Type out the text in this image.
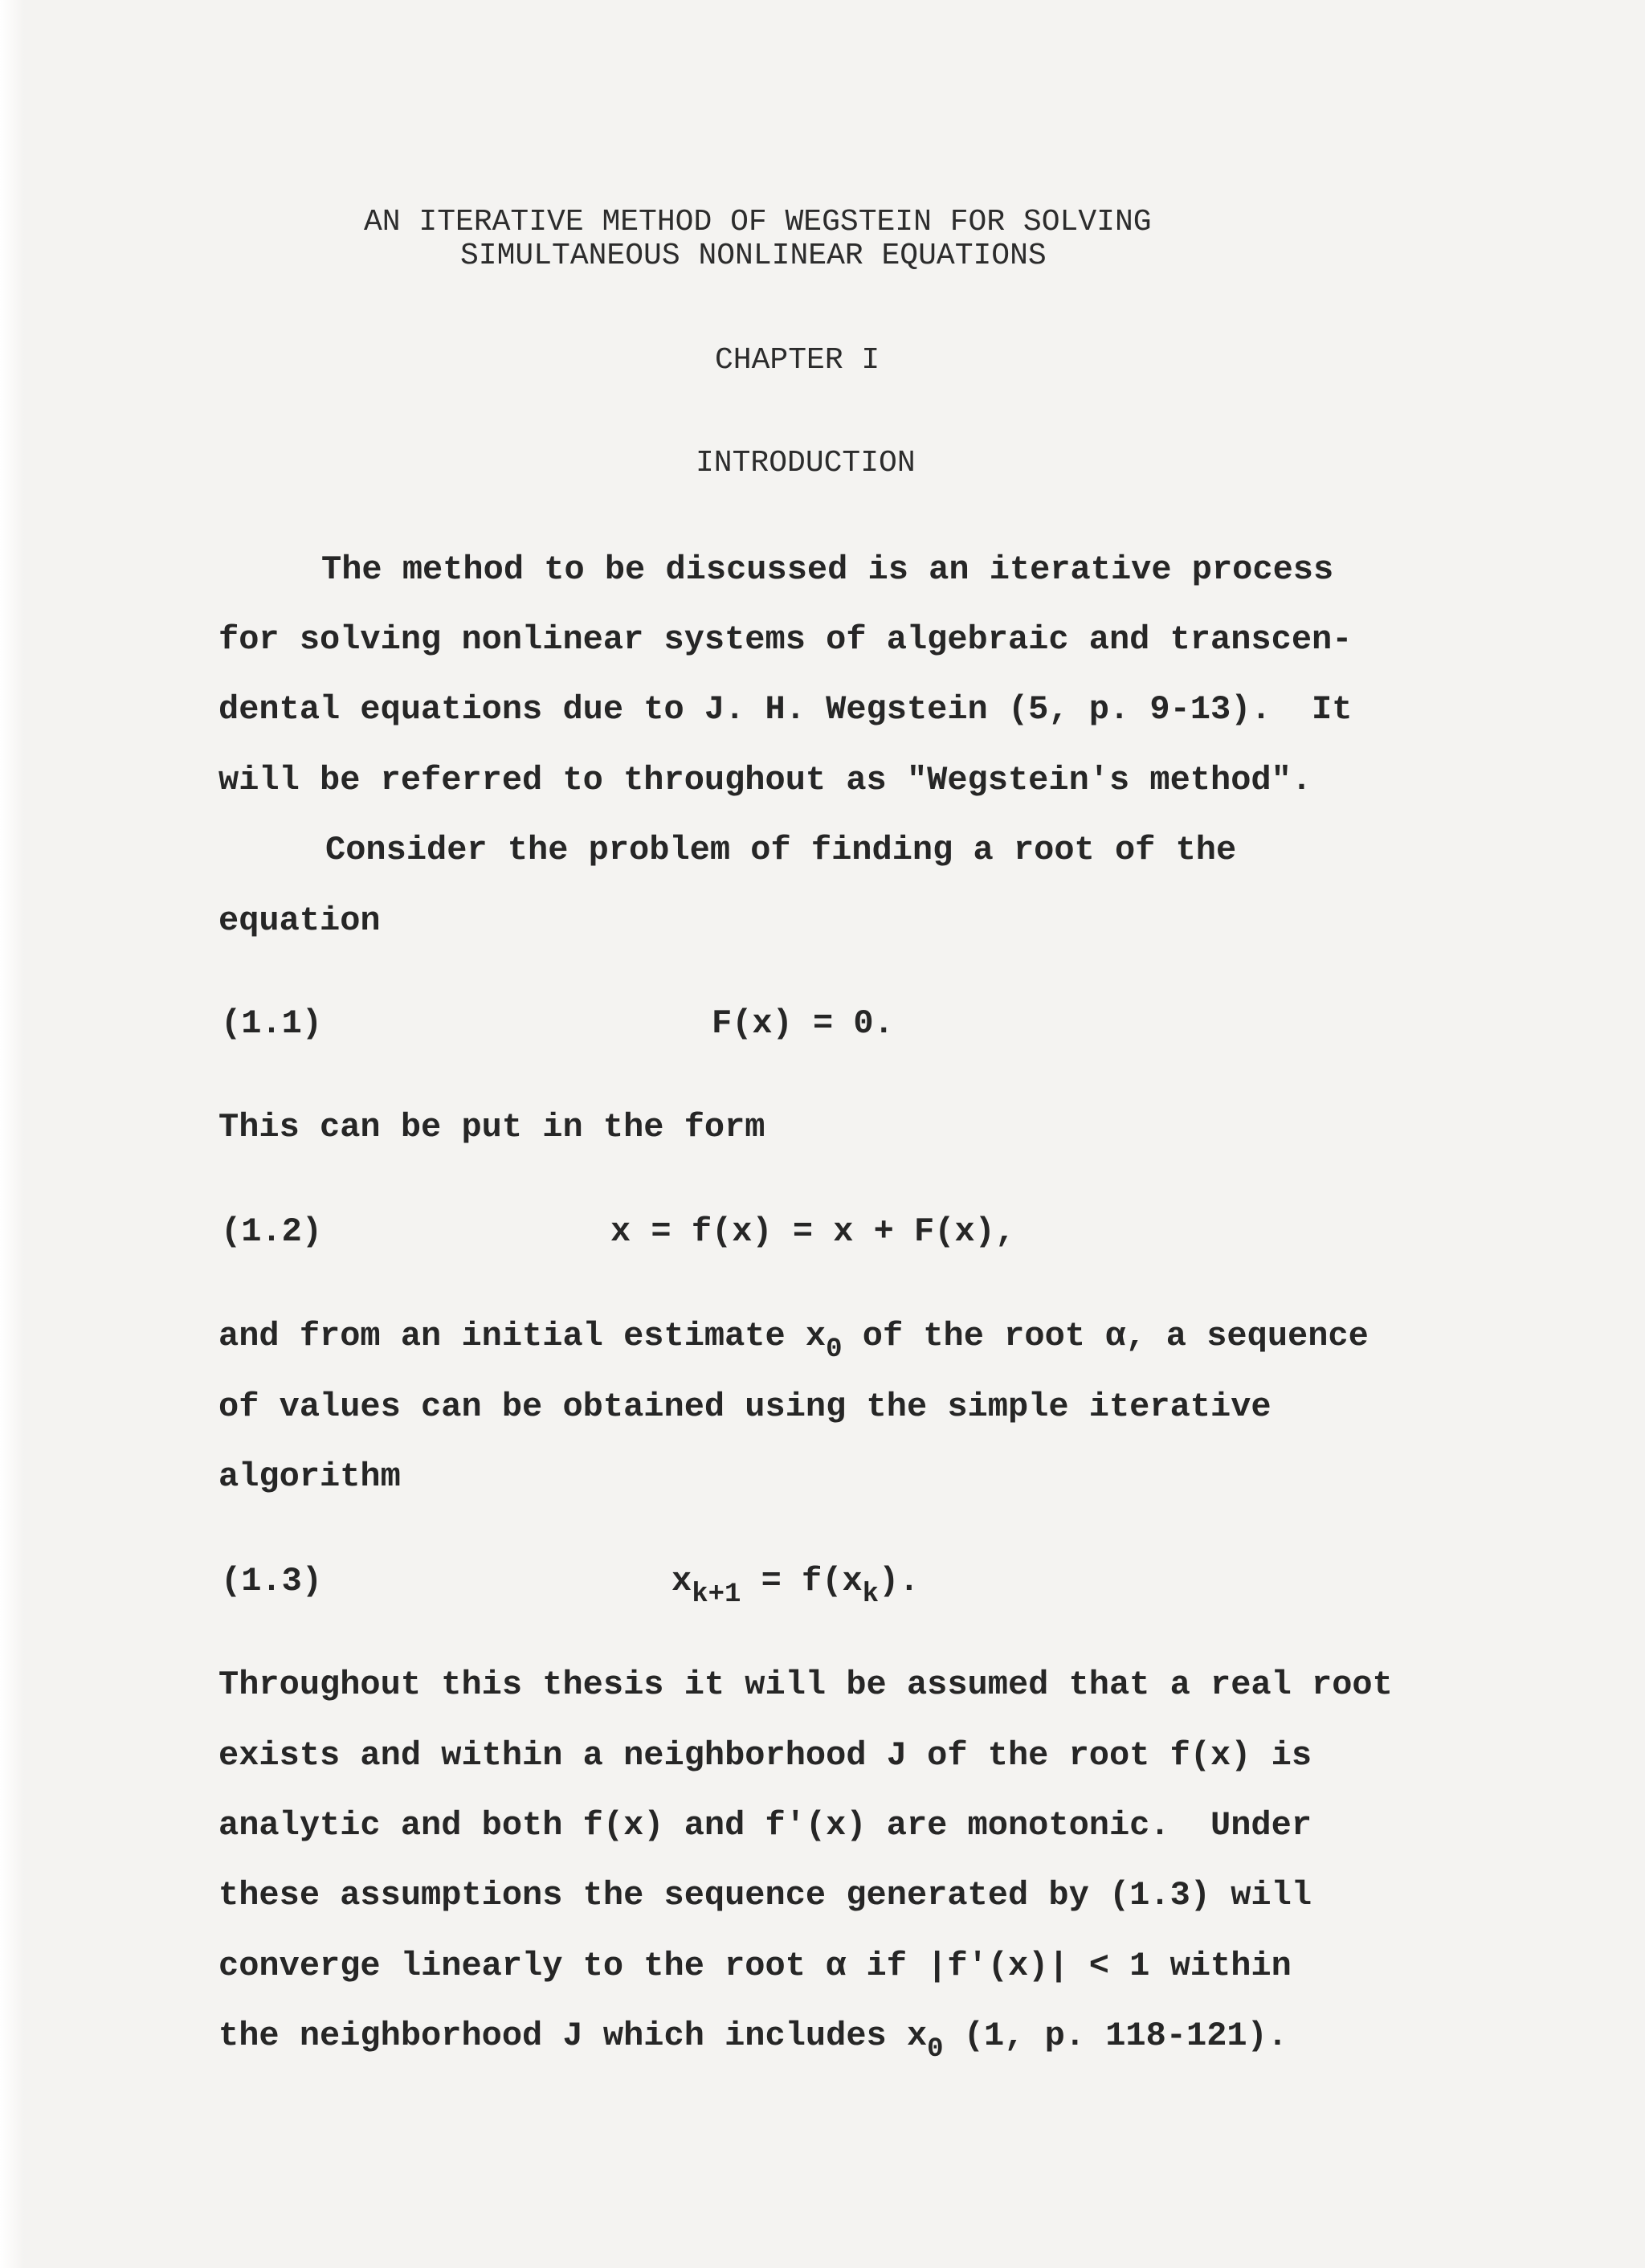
AN ITERATIVE METHOD OF WEGSTEIN FOR SOLVING
SIMULTANEOUS NONLINEAR EQUATIONS
CHAPTER I
INTRODUCTION
The method to be discussed is an iterative process
for solving nonlinear systems of algebraic and transcen-
dental equations due to J. H. Wegstein (5, p. 9-13).  It
will be referred to throughout as "Wegstein's method".
Consider the problem of finding a root of the
equation
(1.1)	F(x) = 0.
This can be put in the form
(1.2)	x = f(x) = x + F(x),
and from an initial estimate $x_0$ of the root α, a sequence
of values can be obtained using the simple iterative
algorithm
(1.3)	$x_{k+1} = f(x_k)$.
Throughout this thesis it will be assumed that a real root
exists and within a neighborhood J of the root f(x) is
analytic and both f(x) and f'(x) are monotonic.  Under
these assumptions the sequence generated by (1.3) will
converge linearly to the root α if |f'(x)| < 1 within
the neighborhood J which includes $x_0$ (1, p. 118-121).
